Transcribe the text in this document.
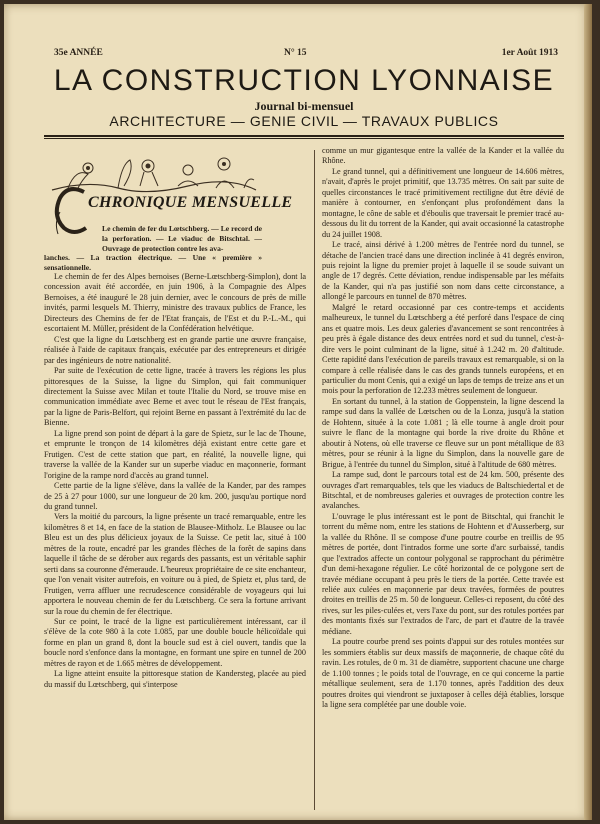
35e ANNÉE	N° 15	1er Août 1913
LA CONSTRUCTION LYONNAISE
Journal bi-mensuel
ARCHITECTURE — GENIE CIVIL — TRAVAUX PUBLICS
CHRONIQUE MENSUELLE
Le chemin de fer du Lœtschberg. — Le record de la perforation. — Le viaduc de Bitschtal. — Ouvrage de protection contre les ava-
lanches. — La traction électrique. — Une « première » sensationnelle.

Le chemin de fer des Alpes bernoises (Berne-Lœtschberg-Simplon), dont la concession avait été accordée, en juin 1906, à la Compagnie des Alpes Bernoises, a été inauguré le 28 juin dernier, avec le concours de près de mille invités, parmi lesquels M. Thierry, ministre des travaux publics de France, les Directeurs des Chemins de fer de l'Etat français, de l'Est et du P.-L.-M., qui escortaient M. Müller, président de la Confédération helvétique.

C'est que la ligne du Lœtschberg est en grande partie une œuvre française, réalisée à l'aide de capitaux français, exécutée par des entrepreneurs et dirigée par des ingénieurs de notre nationalité.

Par suite de l'exécution de cette ligne, tracée à travers les régions les plus pittoresques de la Suisse, la ligne du Simplon, qui fait communiquer directement la Suisse avec Milan et toute l'Italie du Nord, se trouve mise en communication immédiate avec Berne et avec tout le réseau de l'Est français, par la ligne de Paris-Belfort, qui rejoint Berne en passant à l'extrémité du lac de Bienne.

La ligne prend son point de départ à la gare de Spietz, sur le lac de Thoune, et emprunte le tronçon de 14 kilomètres déjà existant entre cette gare et Frutigen. C'est de cette station que part, en réalité, la nouvelle ligne, qui traverse la vallée de la Kander sur un superbe viaduc en maçonnerie, formant l'origine de la rampe nord d'accès au grand tunnel.

Cette partie de la ligne s'élève, dans la vallée de la Kander, par des rampes de 25 à 27 pour 1000, sur une longueur de 20 km. 200, jusqu'au portique nord du grand tunnel.

Vers la moitié du parcours, la ligne présente un tracé remarquable, entre les kilomètres 8 et 14, en face de la station de Blausee-Mitholz. Le Blausee ou lac Bleu est un des plus délicieux joyaux de la Suisse. Ce petit lac, situé à 100 mètres de la route, encadré par les grandes flèches de la forêt de sapins dans laquelle il tâche de se dérober aux regards des passants, est un véritable saphir serti dans sa couronne d'émeraude. L'heureux propriétaire de ce site enchanteur, que l'on venait visiter autrefois, en voiture ou à pied, de Spietz et, plus tard, de Frutigen, verra affluer une recrudescence considérable de voyageurs qui lui apportera le nouveau chemin de fer du Lœtschberg. Ce sera la fortune arrivant sur la roue du chemin de fer électrique.

Sur ce point, le tracé de la ligne est particulièrement intéressant, car il s'élève de la cote 980 à la cote 1.085, par une double boucle hélicoïdale qui forme en plan un grand 8, dont la boucle sud est à ciel ouvert, tandis que la boucle nord s'enfonce dans la montagne, en formant une spire en tunnel de 200 mètres de rayon et de 1.665 mètres de développement.

La ligne atteint ensuite la pittoresque station de Kandersteg, placée au pied du massif du Lœtschberg, qui s'interpose

comme un mur gigantesque entre la vallée de la Kander et la vallée du Rhône.

Le grand tunnel, qui a définitivement une longueur de 14.606 mètres, n'avait, d'après le projet primitif, que 13.735 mètres. On sait par suite de quelles circonstances le tracé primitivement rectiligne dut être dévié de manière à contourner, en s'enfonçant plus profondément dans la montagne, le cône de sable et d'éboulis que traversait le premier tracé au-dessous du lit du torrent de la Kander, qui avait occasionné la catastrophe du 24 juillet 1908.

Le tracé, ainsi dérivé à 1.200 mètres de l'entrée nord du tunnel, se détache de l'ancien tracé dans une direction inclinée à 41 degrés environ, puis rejoint la ligne du premier projet à laquelle il se soude suivant un angle de 17 degrés. Cette déviation, rendue indispensable par les méfaits de la Kander, qui n'a pas justifié son nom dans cette circonstance, a allongé le parcours en tunnel de 870 mètres.

Malgré le retard occasionné par ces contre-temps et accidents malheureux, le tunnel du Lœtschberg a été perforé dans l'espace de cinq ans et quatre mois. Les deux galeries d'avancement se sont rencontrées à peu près à égale distance des deux entrées nord et sud du tunnel, c'est-à-dire vers le point culminant de la ligne, situé à 1.242 m. 20 d'altitude. Cette rapidité dans l'exécution de pareils travaux est remarquable, si on la compare à celle réalisée dans le cas des grands tunnels européens, et en particulier du mont Cenis, qui a exigé un laps de temps de treize ans et un mois pour la perforation de 12.233 mètres seulement de longueur.

En sortant du tunnel, à la station de Goppenstein, la ligne descend la rampe sud dans la vallée de Lœtschen ou de la Lonza, jusqu'à la station de Hohtenn, située à la cote 1.081 ; là elle tourne à angle droit pour suivre le flanc de la montagne qui borde la rive droite du Rhône et aboutir à Notens, où elle traverse ce fleuve sur un pont métallique de 83 mètres, pour se réunir à la ligne du Simplon, dans la nouvelle gare de Brigue, à l'entrée du tunnel du Simplon, situé à l'altitude de 680 mètres.

La rampe sud, dont le parcours total est de 24 km. 500, présente des ouvrages d'art remarquables, tels que les viaducs de Baltschiedertal et de Bitschtal, et de nombreuses galeries et ouvrages de protection contre les avalanches.

L'ouvrage le plus intéressant est le pont de Bitschtal, qui franchit le torrent du même nom, entre les stations de Hohtenn et d'Ausserberg, sur la vallée du Rhône. Il se compose d'une poutre courbe en treillis de 95 mètres de portée, dont l'intrados forme une sorte d'arc surbaissé, tandis que l'extrados affecte un contour polygonal se rapprochant du périmètre d'un demi-hexagone régulier. Le côté horizontal de ce polygone sert de travée médiane occupant à peu près le tiers de la portée. Cette travée est reliée aux culées en maçonnerie par deux travées, formées de poutres droites en treillis de 25 m. 50 de longueur. Celles-ci reposent, du côté des rives, sur les piles-culées et, vers l'axe du pont, sur des rotules portées par des montants fixés sur l'extrados de l'arc, de part et d'autre de la travée médiane.

La poutre courbe prend ses points d'appui sur des rotules montées sur les sommiers établis sur deux massifs de maçonnerie, de chaque côté du ravin. Les rotules, de 0 m. 31 de diamètre, supportent chacune une charge de 1.100 tonnes ; le poids total de l'ouvrage, en ce qui concerne la partie métallique seulement, sera de 1.170 tonnes, après l'addition des deux poutres droites qui viendront se juxtaposer à celles déjà établies, lorsque la ligne sera complétée par une double voie.
